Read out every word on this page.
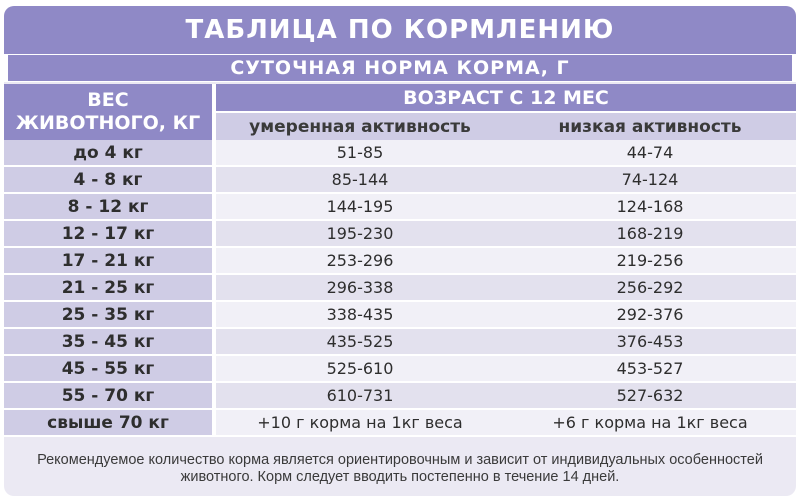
ТАБЛИЦА ПО КОРМЛЕНИЮ
СУТОЧНАЯ НОРМА КОРМА, Г
ВЕС
ЖИВОТНОГО, КГ	ВОЗРАСТ С 12 МЕС	
	умеренная активность	низкая активность
до 4 кг	51-85	44-74
4 - 8 кг	85-144	74-124
8 - 12 кг	144-195	124-168
12 - 17 кг	195-230	168-219
17 - 21 кг	253-296	219-256
21 - 25 кг	296-338	256-292
25 - 35 кг	338-435	292-376
35 - 45 кг	435-525	376-453
45 - 55 кг	525-610	453-527
55 - 70 кг	610-731	527-632
свыше 70 кг	+10 г корма на 1кг веса	+6 г корма на 1кг веса
Рекомендуемое количество корма является ориентировочным и зависит от индивидуальных особенностей
животного. Корм следует вводить постепенно в течение 14 дней.
